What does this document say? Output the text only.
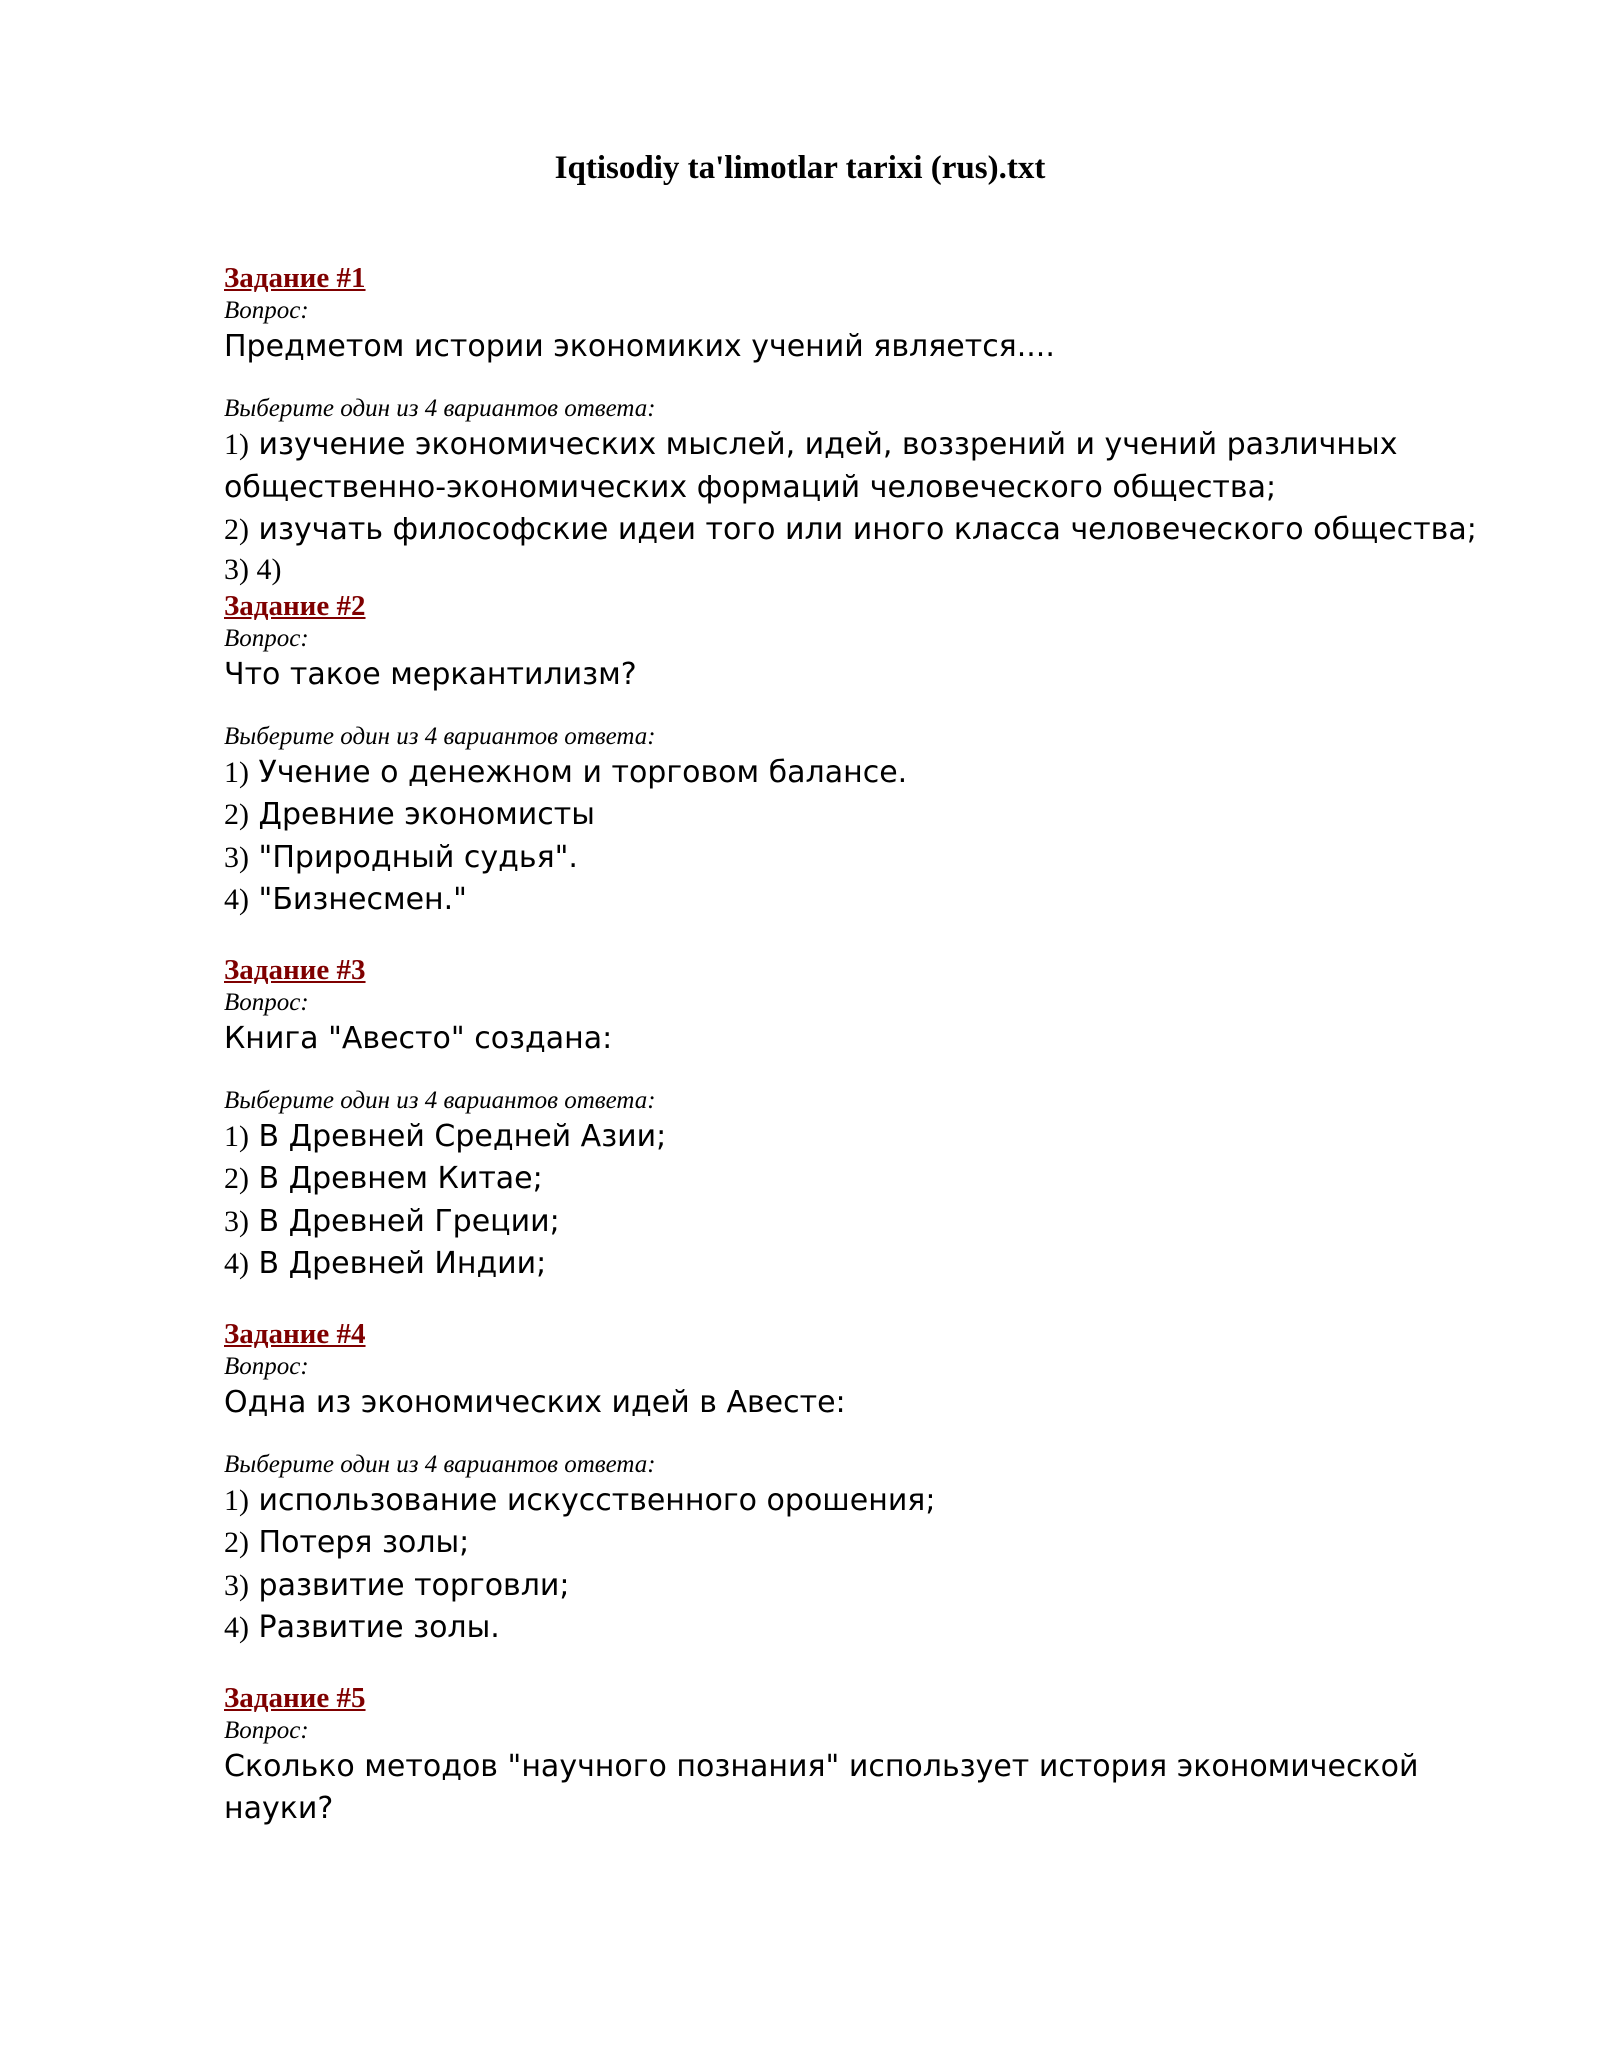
Iqtisodiy ta'limotlar tarixi (rus).txt

Задание #1

Вопрос:

Предметом истории экономиких учений является....

Выберите один из 4 вариантов ответа:

1) изучение экономических мыслей, идей, воззрений и учений различных общественно-экономических формаций человеческого общества;
2) изучать философские идеи того или иного класса человеческого общества;
3) 4)

Задание #2

Вопрос:

Что такое меркантилизм?

Выберите один из 4 вариантов ответа:

1) Учение о денежном и торговом балансе.
2) Древние экономисты
3) "Природный судья".
4) "Бизнесмен."

Задание #3

Вопрос:

Книга "Авесто" создана:

Выберите один из 4 вариантов ответа:

1) В Древней Средней Азии;
2) В Древнем Китае;
3) В Древней Греции;
4) В Древней Индии;

Задание #4

Вопрос:

Одна из экономических идей в Авесте:

Выберите один из 4 вариантов ответа:

1) использование искусственного орошения;
2) Потеря золы;
3) развитие торговли;
4) Развитие золы.

Задание #5

Вопрос:

Сколько методов "научного познания" использует история экономической науки?
